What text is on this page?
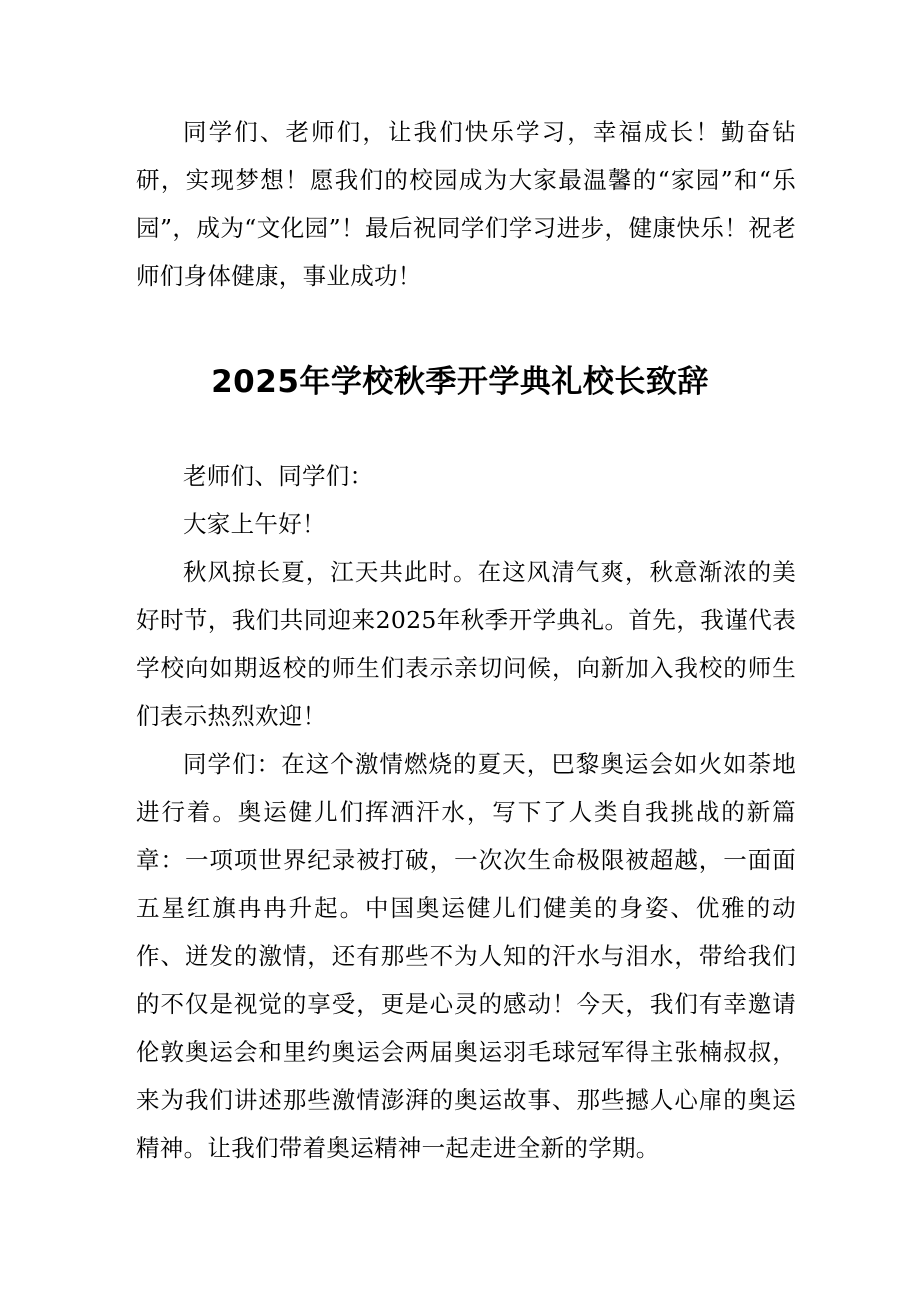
同学们、老师们，让我们快乐学习，幸福成长！勤奋钻研，实现梦想！愿我们的校园成为大家最温馨的“家园”和“乐园”，成为“文化园”！最后祝同学们学习进步，健康快乐！祝老师们身体健康，事业成功！

2025年学校秋季开学典礼校长致辞

老师们、同学们：

大家上午好！

秋风掠长夏，江天共此时。在这风清气爽，秋意渐浓的美好时节，我们共同迎来2025年秋季开学典礼。首先，我谨代表学校向如期返校的师生们表示亲切问候，向新加入我校的师生们表示热烈欢迎！

同学们：在这个激情燃烧的夏天，巴黎奥运会如火如荼地进行着。奥运健儿们挥洒汗水，写下了人类自我挑战的新篇章：一项项世界纪录被打破，一次次生命极限被超越，一面面五星红旗冉冉升起。中国奥运健儿们健美的身姿、优雅的动作、迸发的激情，还有那些不为人知的汗水与泪水，带给我们的不仅是视觉的享受，更是心灵的感动！今天，我们有幸邀请伦敦奥运会和里约奥运会两届奥运羽毛球冠军得主张楠叔叔，来为我们讲述那些激情澎湃的奥运故事、那些撼人心扉的奥运精神。让我们带着奥运精神一起走进全新的学期。
